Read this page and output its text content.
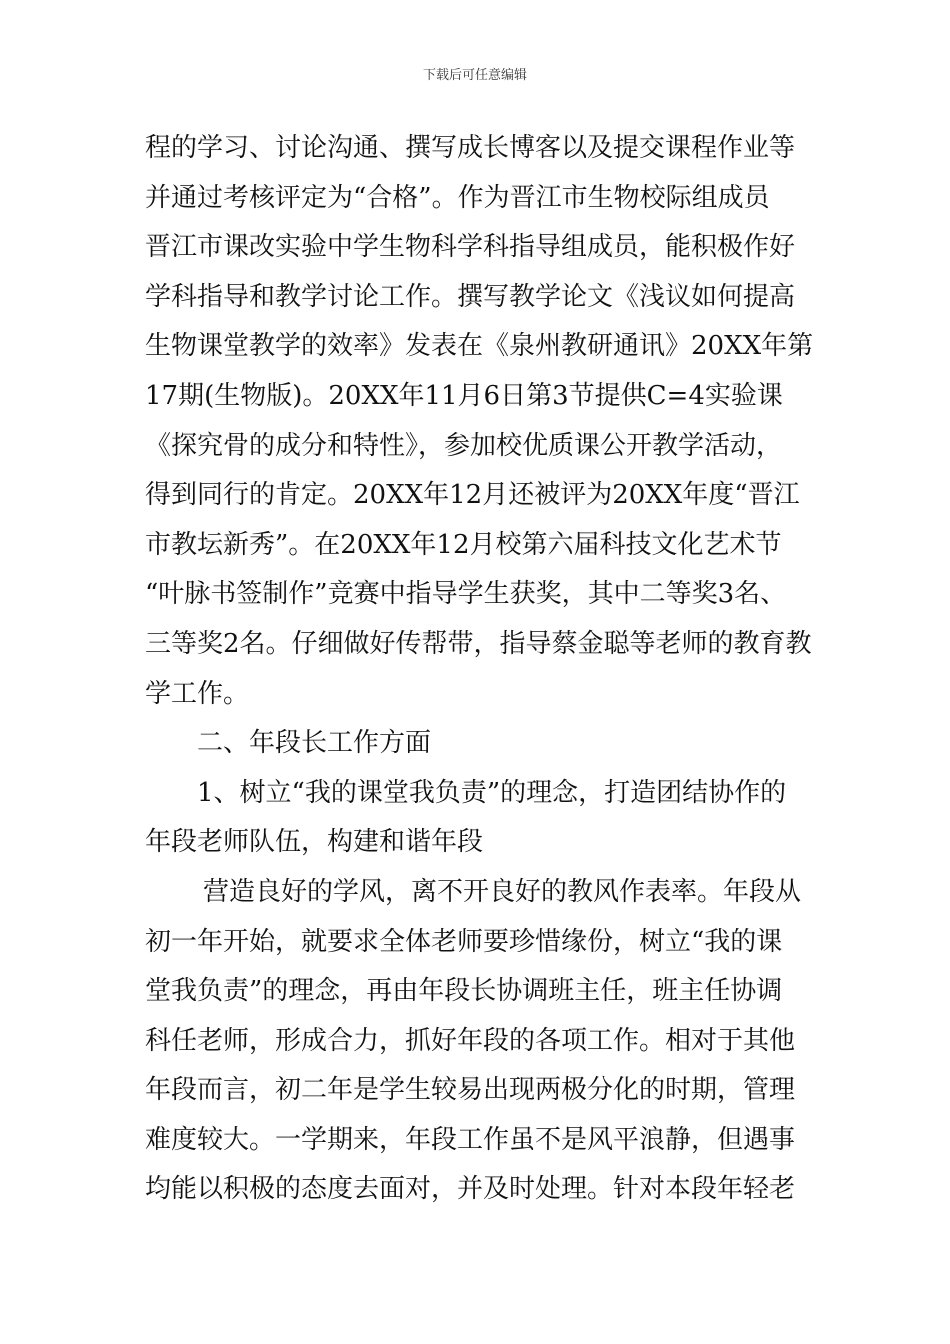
下载后可任意编辑
程的学习、讨论沟通、撰写成长博客以及提交课程作业等
并通过考核评定为“合格”。作为晋江市生物校际组成员
晋江市课改实验中学生物科学科指导组成员，能积极作好
学科指导和教学讨论工作。撰写教学论文《浅议如何提高
生物课堂教学的效率》发表在《泉州教研通讯》20XX年第
17期(生物版)。20XX年11月6日第3节提供C=4实验课
《探究骨的成分和特性》，参加校优质课公开教学活动，
得到同行的肯定。20XX年12月还被评为20XX年度“晋江
市教坛新秀”。在20XX年12月校第六届科技文化艺术节
“叶脉书签制作”竞赛中指导学生获奖，其中二等奖3名、
三等奖2名。仔细做好传帮带，指导蔡金聪等老师的教育教
学工作。
二、年段长工作方面
1、树立“我的课堂我负责”的理念，打造团结协作的
年段老师队伍，构建和谐年段
营造良好的学风，离不开良好的教风作表率。年段从
初一年开始，就要求全体老师要珍惜缘份，树立“我的课
堂我负责”的理念，再由年段长协调班主任，班主任协调
科任老师，形成合力，抓好年段的各项工作。相对于其他
年段而言，初二年是学生较易出现两极分化的时期，管理
难度较大。一学期来，年段工作虽不是风平浪静，但遇事
均能以积极的态度去面对，并及时处理。针对本段年轻老
